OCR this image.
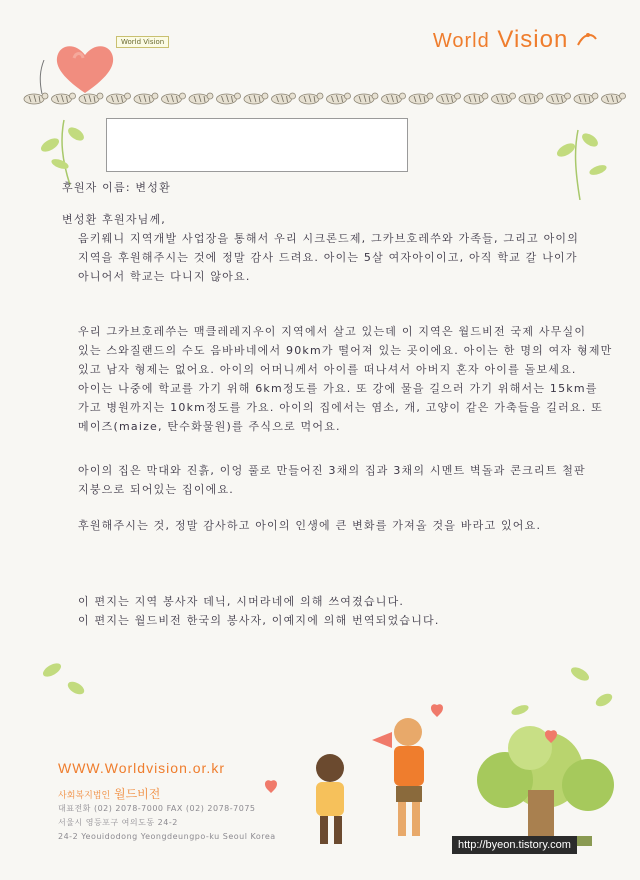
World Vision	World Vision
후원자 이름: 변성환
변성환 후원자님께,
음키웨니 지역개발 사업장을 통해서 우리 시크론드제, 그카브호레쑤와 가족들, 그리고 아이의
지역을 후원해주시는 것에 정말 감사 드려요. 아이는 5살 여자아이이고, 아직 학교 갈 나이가
아니어서 학교는 다니지 않아요.
우리 그카브호레쑤는 맥클레레지우이 지역에서 살고 있는데 이 지역은 월드비전 국제 사무실이
있는 스와질랜드의 수도 음바바네에서 90km가 떨어져 있는 곳이에요. 아이는 한 명의 여자 형제만
있고 남자 형제는 없어요. 아이의 어머니께서 아이를 떠나셔서 아버지 혼자 아이를 돌보세요.
아이는 나중에 학교를 가기 위해 6km정도를 가요. 또 강에 물을 길으러 가기 위해서는 15km를
가고 병원까지는 10km정도를 가요. 아이의 집에서는 염소, 개, 고양이 같은 가축들을 길러요. 또
메이즈(maize, 탄수화물원)를 주식으로 먹어요.
아이의 집은 막대와 진흙, 이엉 풀로 만들어진 3채의 집과 3채의 시멘트 벽돌과 콘크리트 철판
지붕으로 되어있는 집이에요.
후원해주시는 것, 정말 감사하고 아이의 인생에 큰 변화를 가져올 것을 바라고 있어요.
이 편지는 지역 봉사자 데닉, 시머라네에 의해 쓰여졌습니다.
이 편지는 월드비전 한국의 봉사자, 이예지에 의해 번역되었습니다.
WWW.Worldvision.or.kr
사회복지법인 월드비전
대표전화 (02) 2078-7000 FAX (02) 2078-7075
서울시 영등포구 여의도동 24-2
24-2 Yeouidodong Yeongdeungpo-ku Seoul Korea
http://byeon.tistory.com
